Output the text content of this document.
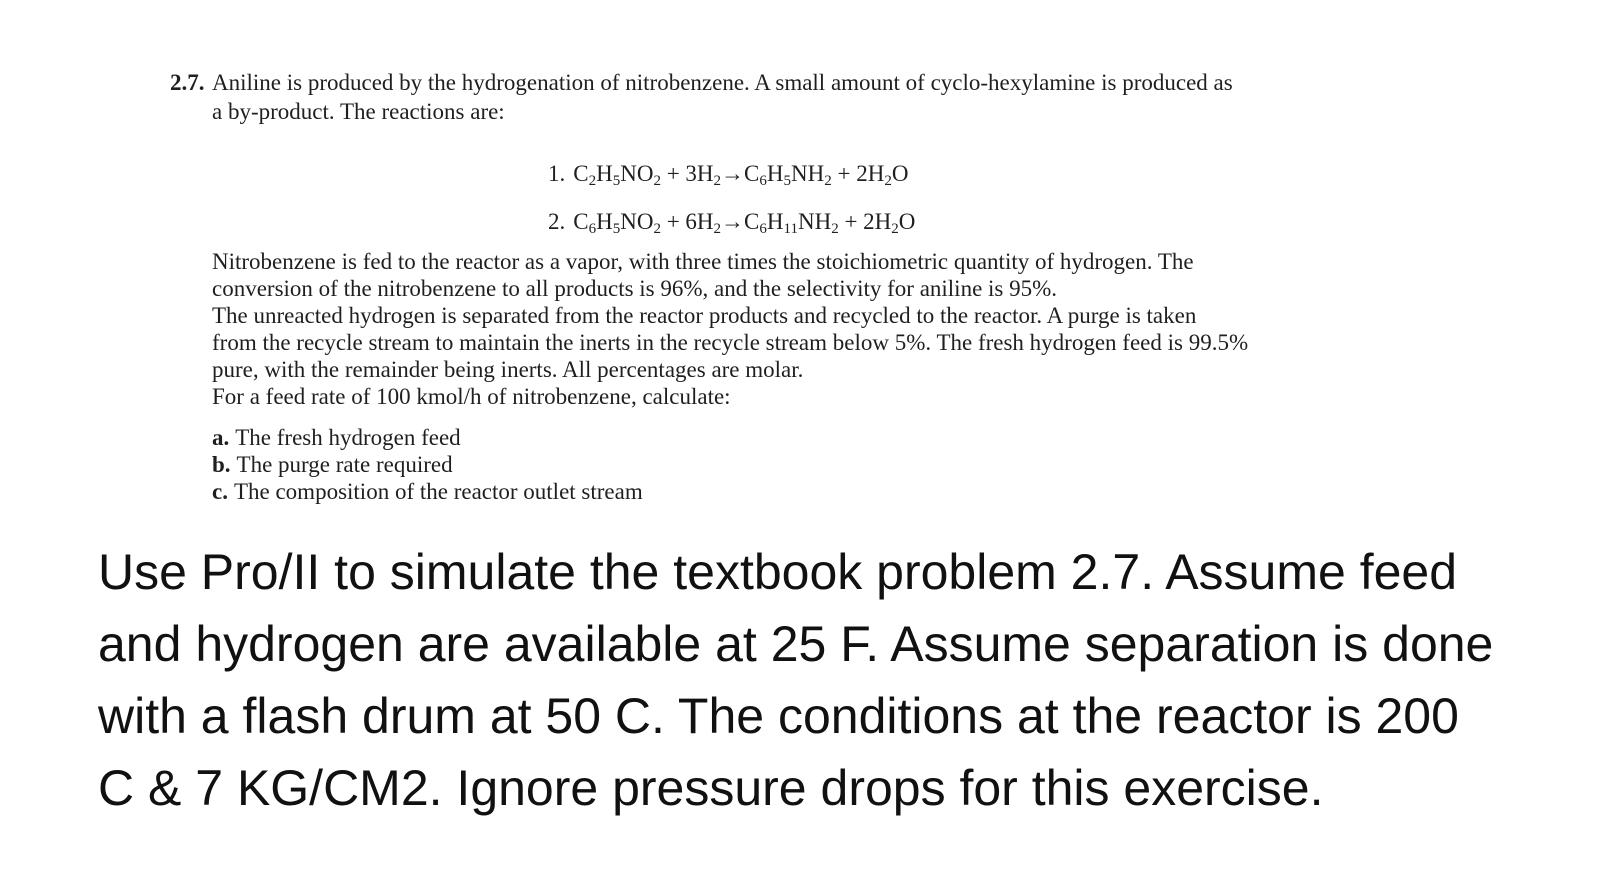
2.7. Aniline is produced by the hydrogenation of nitrobenzene. A small amount of cyclo-hexylamine is produced as
a by-product. The reactions are:
1. $C_2H_5NO_2 + 3H_2\to C_6H_5NH_2 + 2H_2O$
2. $C_6H_5NO_2 + 6H_2\to C_6H_{11}NH_2 + 2H_2O$

Nitrobenzene is fed to the reactor as a vapor, with three times the stoichiometric quantity of hydrogen. The

conversion of the nitrobenzene to all products is 96%, and the selectivity for aniline is 95%.

The unreacted hydrogen is separated from the reactor products and recycled to the reactor. A purge is taken

from the recycle stream to maintain the inerts in the recycle stream below 5%. The fresh hydrogen feed is 99.5%

pure, with the remainder being inerts. All percentages are molar.

For a feed rate of 100 kmol/h of nitrobenzene, calculate:

a. The fresh hydrogen feed
b. The purge rate required
c. The composition of the reactor outlet stream

Use Pro/II to simulate the textbook problem 2.7. Assume feed

and hydrogen are available at 25 F. Assume separation is done

with a flash drum at 50 C. The conditions at the reactor is 200

C & 7 KG/CM2. Ignore pressure drops for this exercise.
